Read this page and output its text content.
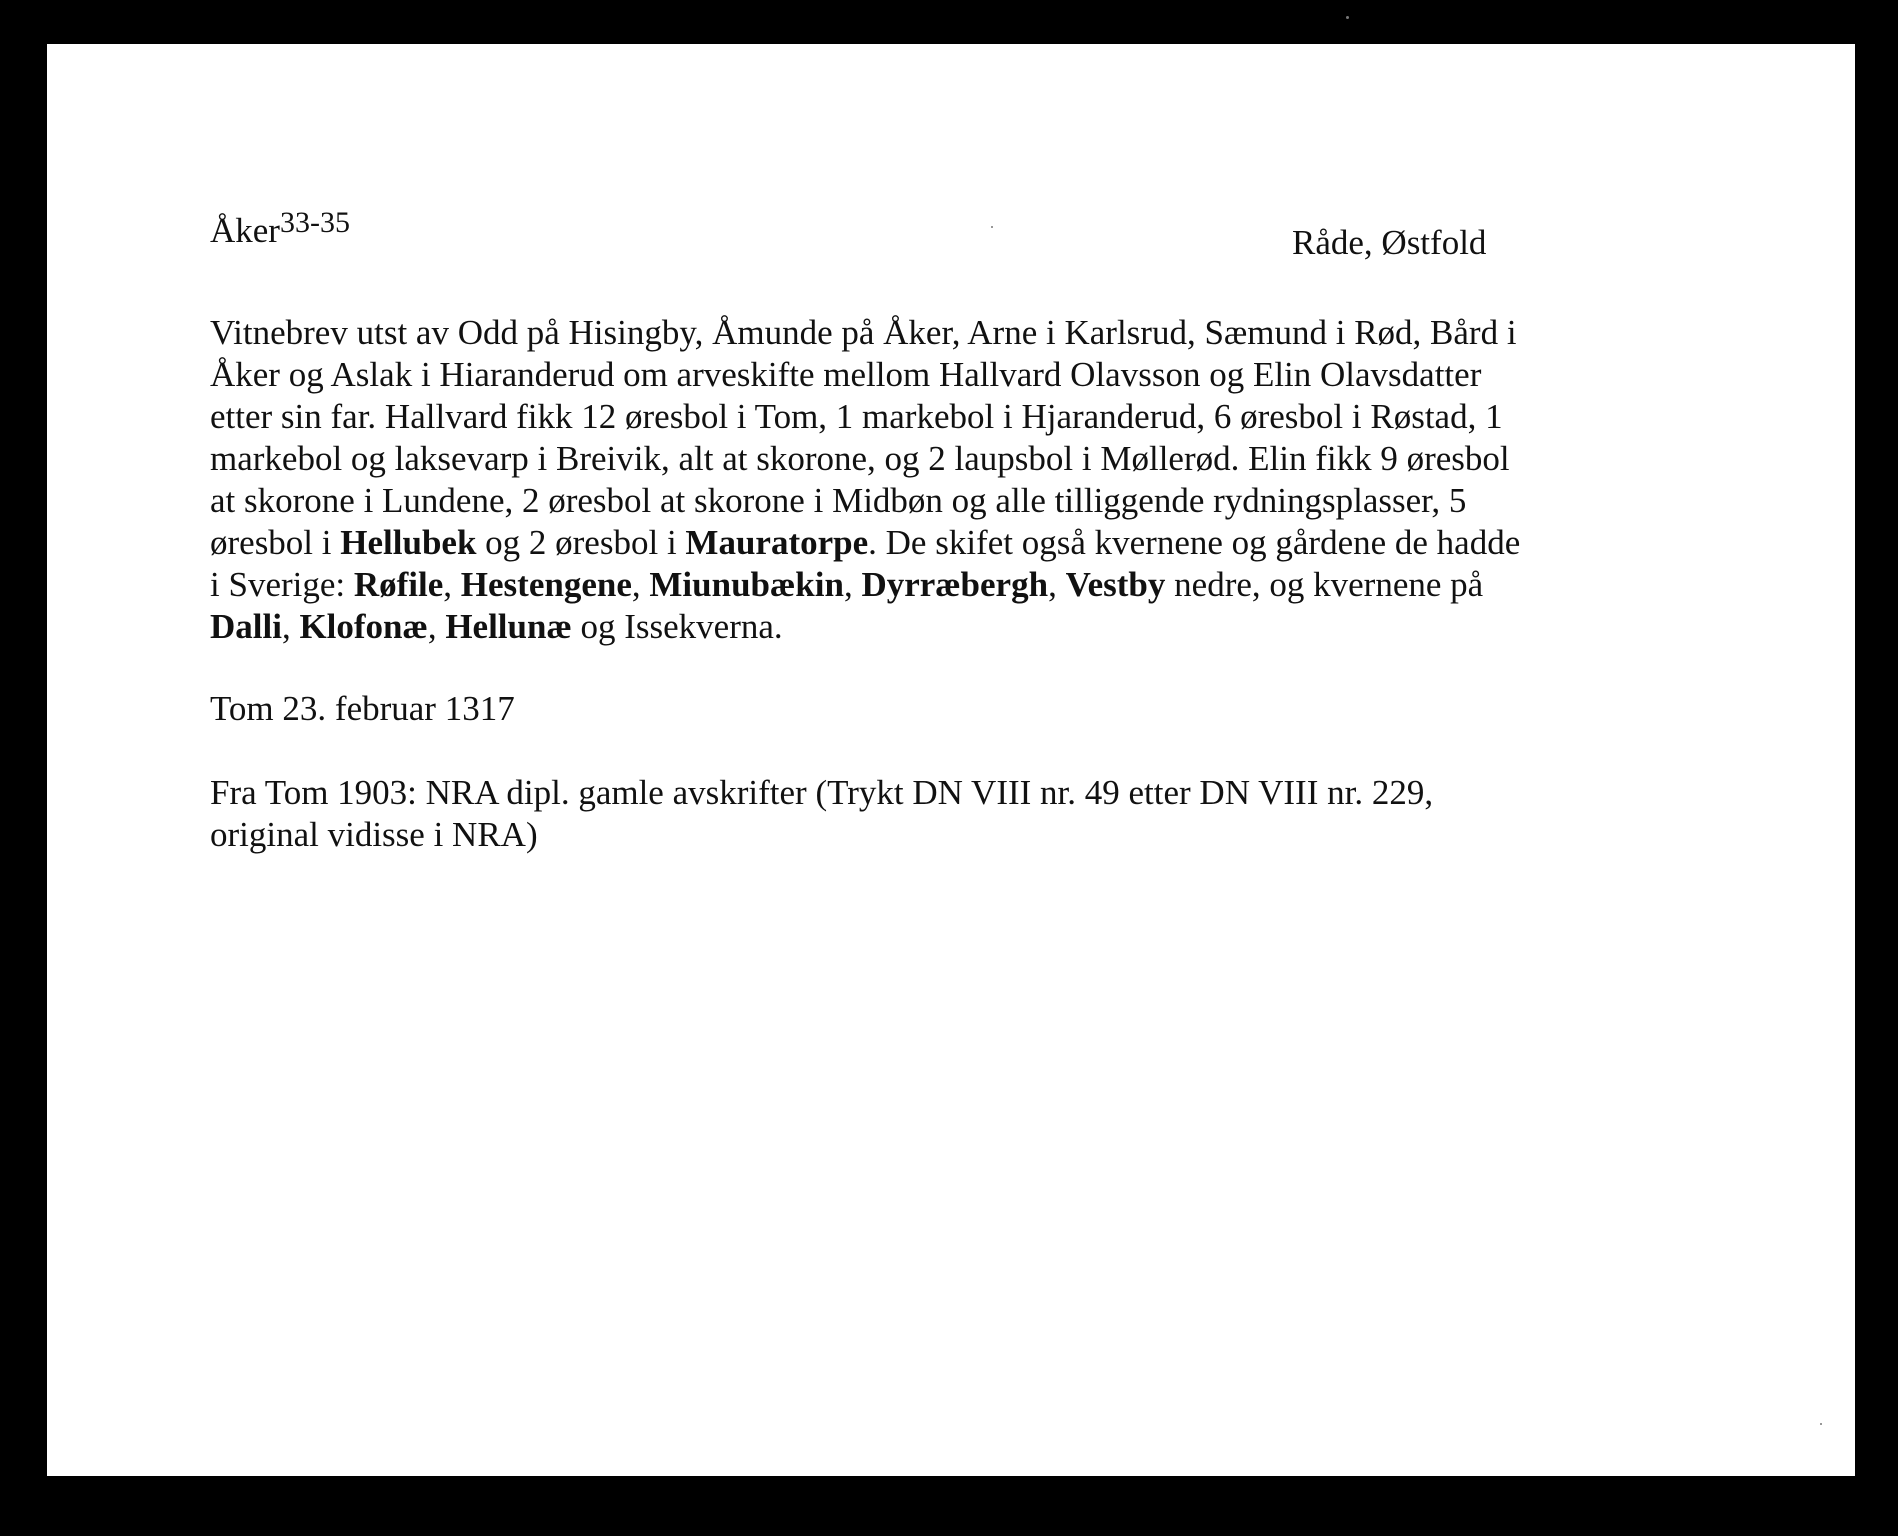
Åker$^{33-35}$
Råde, Østfold
Vitnebrev utst av Odd på Hisingby, Åmunde på Åker, Arne i Karlsrud, Sæmund i Rød, Bård i
Åker og Aslak i Hiaranderud om arveskifte mellom Hallvard Olavsson og Elin Olavsdatter
etter sin far. Hallvard fikk 12 øresbol i Tom, 1 markebol i Hjaranderud, 6 øresbol i Røstad, 1
markebol og laksevarp i Breivik, alt at skorone, og 2 laupsbol i Møllerød. Elin fikk 9 øresbol
at skorone i Lundene, 2 øresbol at skorone i Midbøn og alle tilliggende rydningsplasser, 5
øresbol i Hellubek og 2 øresbol i Mauratorpe. De skifet også kvernene og gårdene de hadde
i Sverige: Røfile, Hestengene, Miunubækin, Dyrræbergh, Vestby nedre, og kvernene på
Dalli, Klofonæ, Hellunæ og Issekverna.
Tom 23. februar 1317
Fra Tom 1903: NRA dipl. gamle avskrifter (Trykt DN VIII nr. 49 etter DN VIII nr. 229,
original vidisse i NRA)
